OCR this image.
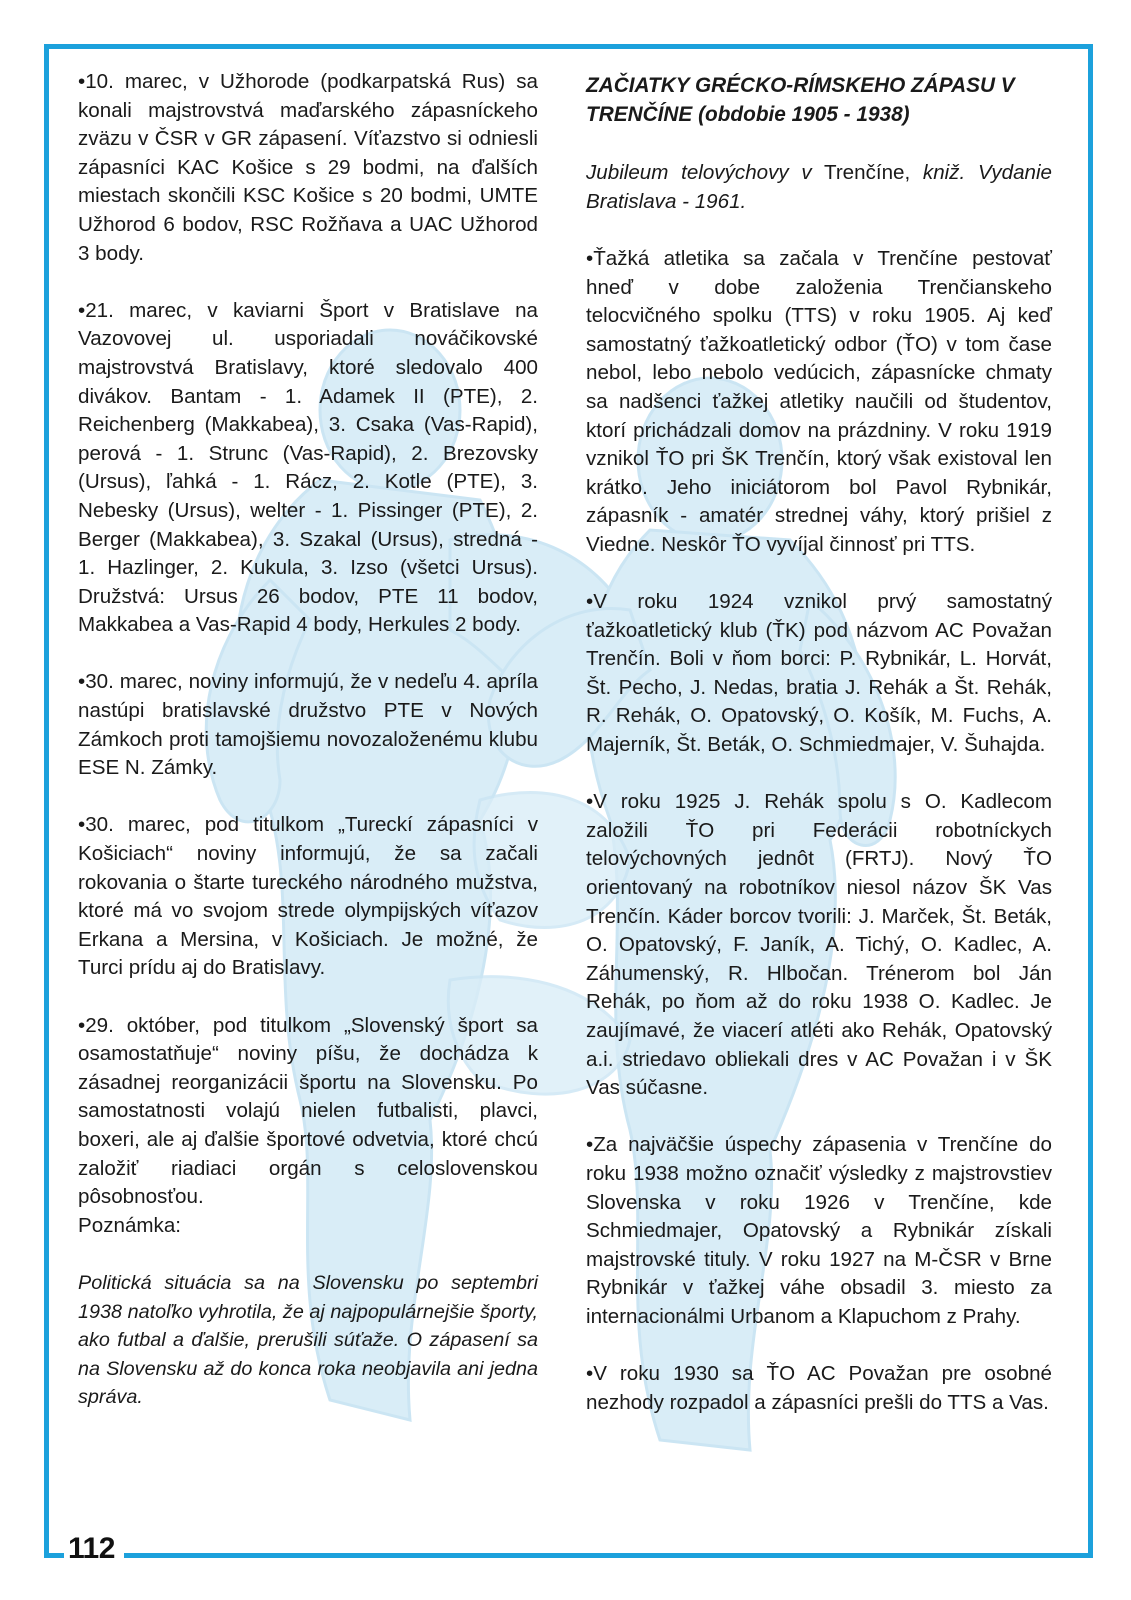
•10. marec, v Užhorode (podkarpatská Rus) sa konali majstrovstvá maďarského zápasníckeho zväzu v ČSR v GR zápasení. Víťazstvo si odniesli zápasníci KAC Košice s 29 bodmi, na ďalších miestach skončili KSC Košice s 20 bodmi, UMTE Užhorod 6 bodov, RSC Rožňava a UAC Užhorod 3 body.

•21. marec, v kaviarni Šport v Bratislave na Vazovovej ul. usporiadali nováčikovské majstrovstvá Bratislavy, ktoré sledovalo 400 divákov. Bantam - 1. Adamek II (PTE), 2. Reichenberg (Makkabea), 3. Csaka (Vas-Rapid), perová - 1. Strunc (Vas-Rapid), 2. Brezovsky (Ursus), ľahká - 1. Rácz, 2. Kotle (PTE), 3. Nebesky (Ursus), welter - 1. Pissinger (PTE), 2. Berger (Makkabea), 3. Szakal (Ursus), stredná - 1. Hazlinger, 2. Kukula, 3. Izso (všetci Ursus). Družstvá: Ursus 26 bodov, PTE 11 bodov, Makkabea a Vas-Rapid 4 body, Herkules 2 body.

•30. marec, noviny informujú, že v nedeľu 4. apríla nastúpi bratislavské družstvo PTE v Nových Zámkoch proti tamojšiemu novozaloženému klubu ESE N. Zámky.

•30. marec, pod titulkom „Tureckí zápasníci v Košiciach“ noviny informujú, že sa začali rokovania o štarte tureckého národného mužstva, ktoré má vo svojom strede olympijských víťazov Erkana a Mersina, v Košiciach. Je možné, že Turci prídu aj do Bratislavy.

•29. október, pod titulkom „Slovenský šport sa osamostatňuje“ noviny píšu, že dochádza k zásadnej reorganizácii športu na Slovensku. Po samostatnosti volajú nielen futbalisti, plavci, boxeri, ale aj ďalšie športové odvetvia, ktoré chcú založiť riadiaci orgán s celoslovenskou pôsobnosťou.

Poznámka:

Politická situácia sa na Slovensku po septembri 1938 natoľko vyhrotila, že aj najpopulárnejšie športy, ako futbal a ďalšie, prerušili súťaže. O zápasení sa na Slovensku až do konca roka neobjavila ani jedna správa.

ZAČIATKY GRÉCKO-RÍMSKEHO ZÁPASU V TRENČÍNE (obdobie 1905 - 1938)

Jubileum telovýchovy v Trenčíne, kniž. Vydanie Bratislava - 1961.

•Ťažká atletika sa začala v Trenčíne pestovať hneď v dobe založenia Trenčianskeho telocvičného spolku (TTS) v roku 1905. Aj keď samostatný ťažkoatletický odbor (ŤO) v tom čase nebol, lebo nebolo vedúcich, zápasnícke chmaty sa nadšenci ťažkej atletiky naučili od študentov, ktorí prichádzali domov na prázdniny. V roku 1919 vznikol ŤO pri ŠK Trenčín, ktorý však existoval len krátko. Jeho iniciátorom bol Pavol Rybnikár, zápasník - amatér strednej váhy, ktorý prišiel z Viedne. Neskôr ŤO vyvíjal činnosť pri TTS.

•V roku 1924 vznikol prvý samostatný ťažkoatletický klub (ŤK) pod názvom AC Považan Trenčín. Boli v ňom borci: P. Rybnikár, L. Horvát, Št. Pecho, J. Nedas, bratia J. Rehák a Št. Rehák, R. Rehák, O. Opatovský, O. Košík, M. Fuchs, A. Majerník, Št. Beták, O. Schmiedmajer, V. Šuhajda.

•V roku 1925 J. Rehák spolu s O. Kadlecom založili ŤO pri Federácii robotníckych telovýchovných jednôt (FRTJ). Nový ŤO orientovaný na robotníkov niesol názov ŠK Vas Trenčín. Káder borcov tvorili: J. Marček, Št. Beták, O. Opatovský, F. Janík, A. Tichý, O. Kadlec, A. Záhumenský, R. Hlbočan. Trénerom bol Ján Rehák, po ňom až do roku 1938 O. Kadlec. Je zaujímavé, že viacerí atléti ako Rehák, Opatovský a.i. striedavo obliekali dres v AC Považan i v ŠK Vas súčasne.

•Za najväčšie úspechy zápasenia v Trenčíne do roku 1938 možno označiť výsledky z majstrovstiev Slovenska v roku 1926 v Trenčíne, kde Schmiedmajer, Opatovský a Rybnikár získali majstrovské tituly. V roku 1927 na M-ČSR v Brne Rybnikár v ťažkej váhe obsadil 3. miesto za internacionálmi Urbanom a Klapuchom z Prahy.

•V roku 1930 sa ŤO AC Považan pre osobné nezhody rozpadol a zápasníci prešli do TTS a Vas.

112
